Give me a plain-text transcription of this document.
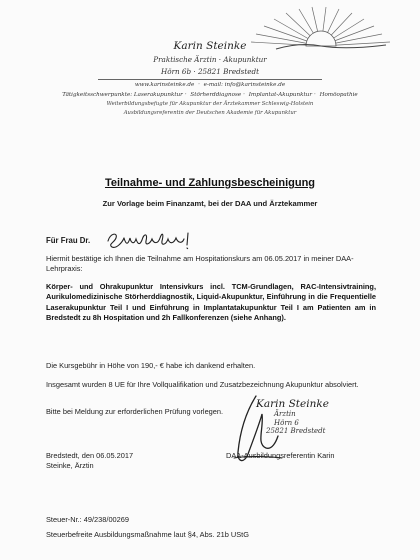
Karin Steinke
Praktische Ärztin · Akupunktur
Hörn 6b · 25821 Bredstedt
www.karinsteinke.de · e-mail: info@karinsteinke.de
Tätigkeitsschwerpunkte: Laserakupunktur · Störherddiagnose · Implantat-Akupunktur · Homöopathie
Weiterbildungsbefugte für Akupunktur der Ärztekammer Schleswig-Holstein
Ausbildungsreferentin der Deutschen Akademie für Akupunktur
Teilnahme- und Zahlungsbescheinigung
Zur Vorlage beim Finanzamt, bei der DAA und Ärztekammer
Für Frau Dr.
Hiermit bestätige ich Ihnen die Teilnahme am Hospitationskurs am 06.05.2017 in meiner DAA-Lehrpraxis:
Körper- und Ohrakupunktur Intensivkurs incl. TCM-Grundlagen, RAC-Intensivtraining, Aurikulomedizinische Störherddiagnostik, Liquid-Akupunktur, Einführung in die Frequentielle Laserakupunktur Teil I und Einführung in Implantatakupunktur Teil I am Patienten am in Bredstedt zu 8h Hospitation und 2h Fallkonferenzen (siehe Anhang).
Die Kursgebühr in Höhe von 190,- € habe ich dankend erhalten.
Insgesamt wurden 8 UE für Ihre Vollqualifikation und Zusatzbezeichnung Akupunktur absolviert.
Bitte bei Meldung zur erforderlichen Prüfung vorlegen.
Karin Steinke
Ärztin
Hörn 6
25821 Bredstedt
Bredstedt, den 06.05.2017
Steinke, Ärztin
DAA-Ausbildungsreferentin Karin
Steuer-Nr.: 49/238/00269
Steuerbefreite Ausbildungsmaßnahme laut §4, Abs. 21b UStG
